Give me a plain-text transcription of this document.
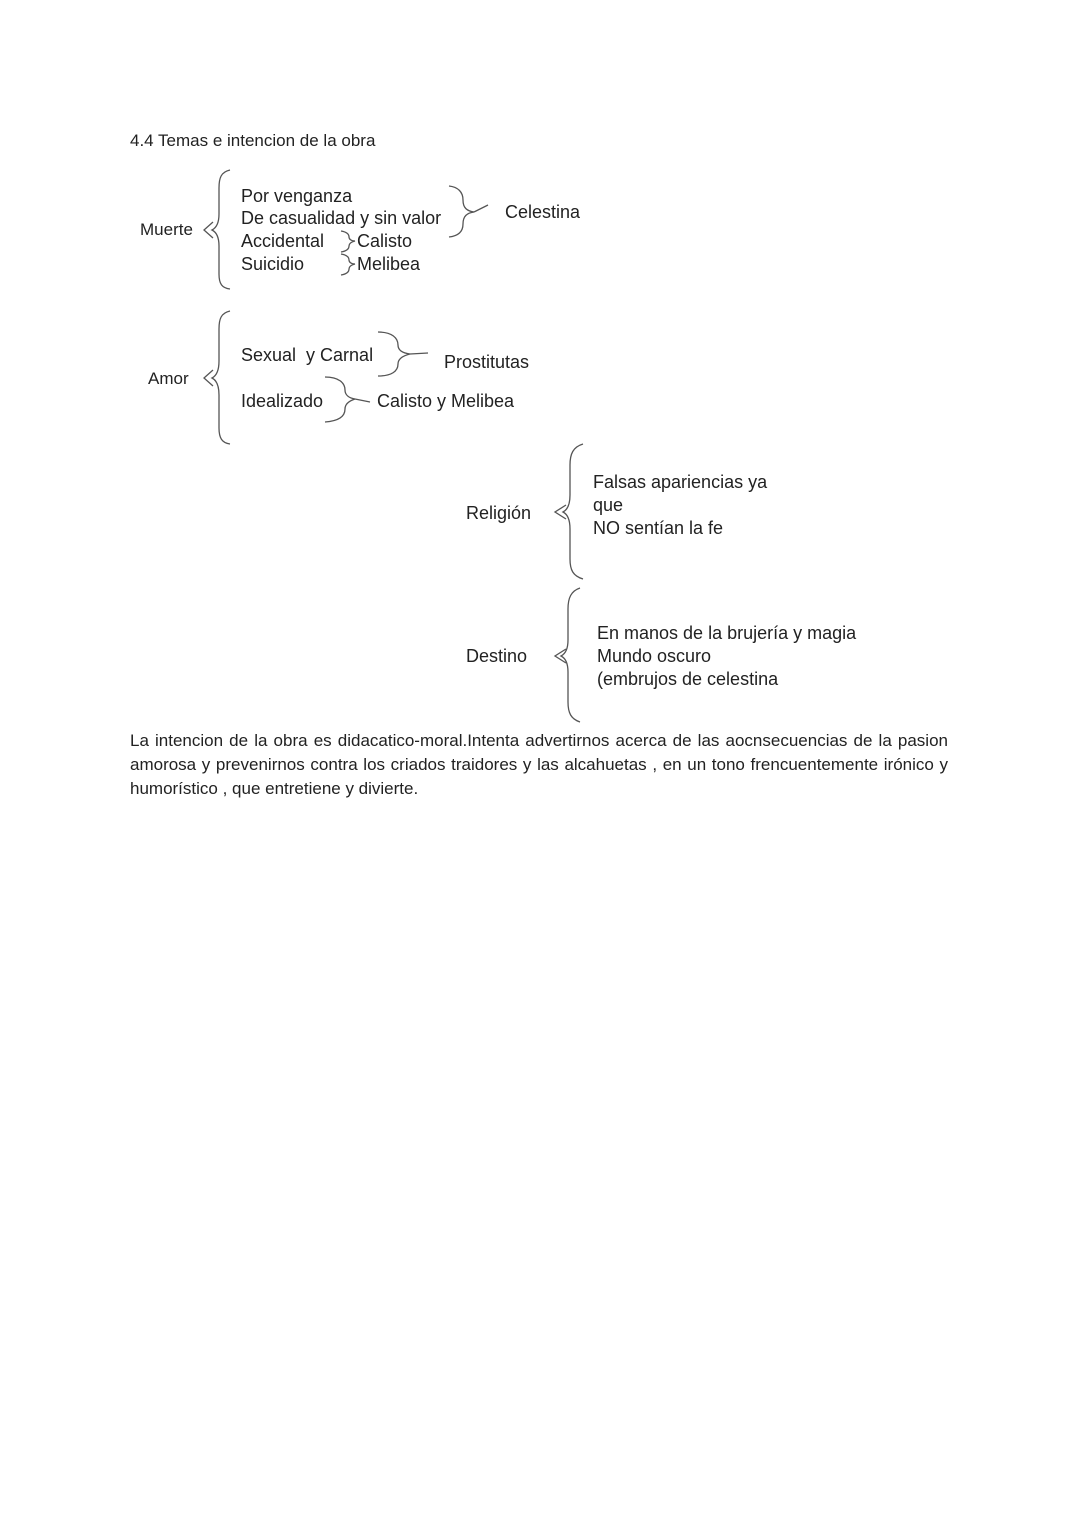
4.4 Temas e intencion de la obra
Muerte
Por venganza
De casualidad y sin valor
Accidental
Suicidio
Celestina
Calisto
Melibea
Amor
Sexual  y Carnal
Idealizado
Prostitutas
Calisto y Melibea
Religión
Falsas apariencias ya
que
NO sentían la fe
Destino
En manos de la brujería y magia
Mundo oscuro
(embrujos de celestina
La intencion de la obra es didacatico-moral.Intenta advertirnos acerca de las aocnsecuencias de la pasion amorosa y prevenirnos contra los criados traidores y las alcahuetas , en un tono frencuentemente irónico y humorístico , que entretiene y divierte.
